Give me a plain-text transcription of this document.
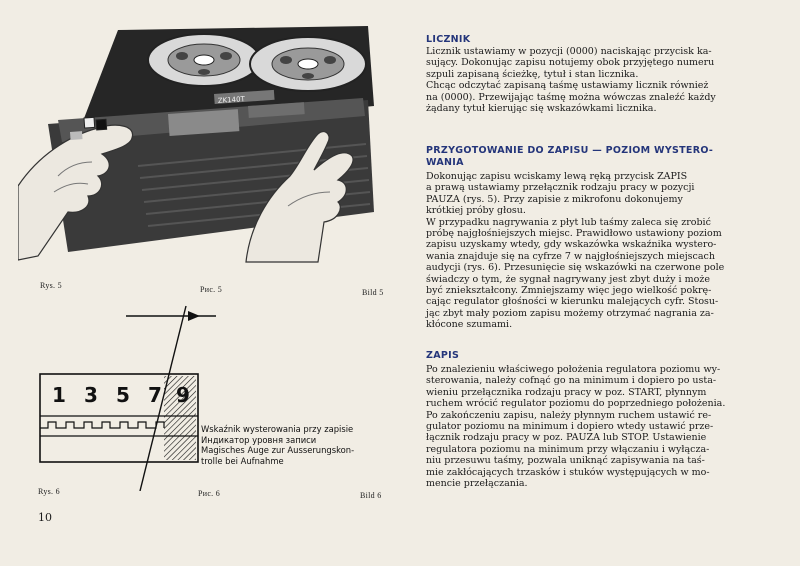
ZK140T
Rys. 5	Рис. 5	Bild 5
1 3 5 7 9
Wskaźnik wysterowania przy zapisie
Индикатор уровня записи
Magisches Auge zur Ausserungskon-
trolle bei Aufnahme
Rys. 6	Рис. 6	Bild 6
10
LICZNIK
Licznik ustawiamy w pozycji (0000) naciskając przycisk ka-
sujący. Dokonując zapisu notujemy obok przyjętego numeru
szpuli zapisaną ścieżkę, tytuł i stan licznika.
Chcąc odczytać zapisaną taśmę ustawiamy licznik również
na (0000). Przewijając taśmę można wówczas znaleźć każdy
żądany tytuł kierując się wskazówkami licznika.
PRZYGOTOWANIE DO ZAPISU — POZIOM WYSTERO-
WANIA
Dokonując zapisu wciskamy lewą ręką przycisk ZAPIS
a prawą ustawiamy przełącznik rodzaju pracy w pozycji
PAUZA (rys. 5). Przy zapisie z mikrofonu dokonujemy
krótkiej próby głosu.
W przypadku nagrywania z płyt lub taśmy zaleca się zrobić
próbę najgłośniejszych miejsc. Prawidłowo ustawiony poziom
zapisu uzyskamy wtedy, gdy wskazówka wskaźnika wysterο-
wania znajduje się na cyfrze 7 w najgłośniejszych miejscach
audycji (rys. 6). Przesunięcie się wskazówki na czerwone pole
świadczy o tym, że sygnał nagrywany jest zbyt duży i może
być zniekształcony. Zmniejszamy więc jego wielkość pokrę-
cając regulator głośności w kierunku malejących cyfr. Stosu-
jąc zbyt mały poziom zapisu możemy otrzymać nagrania za-
kłócone szumami.
ZAPIS
Po znalezieniu właściwego położenia regulatora poziomu wy-
sterowania, należy cofnąć go na minimum i dopiero po usta-
wieniu przełącznika rodzaju pracy w poz. START, płynnym
ruchem wrócić regulator poziomu do poprzedniego położenia.
Po zakończeniu zapisu, należy płynnym ruchem ustawić re-
gulator poziomu na minimum i dopiero wtedy ustawić prze-
łącznik rodzaju pracy w poz. PAUZA lub STOP. Ustawienie
regulatora poziomu na minimum przy włączaniu i wyłącza-
niu przesuwu taśmy, pozwala uniknąć zapisywania na taś-
mie zakłócających trzasków i stuków występujących w mo-
mencie przełączania.
